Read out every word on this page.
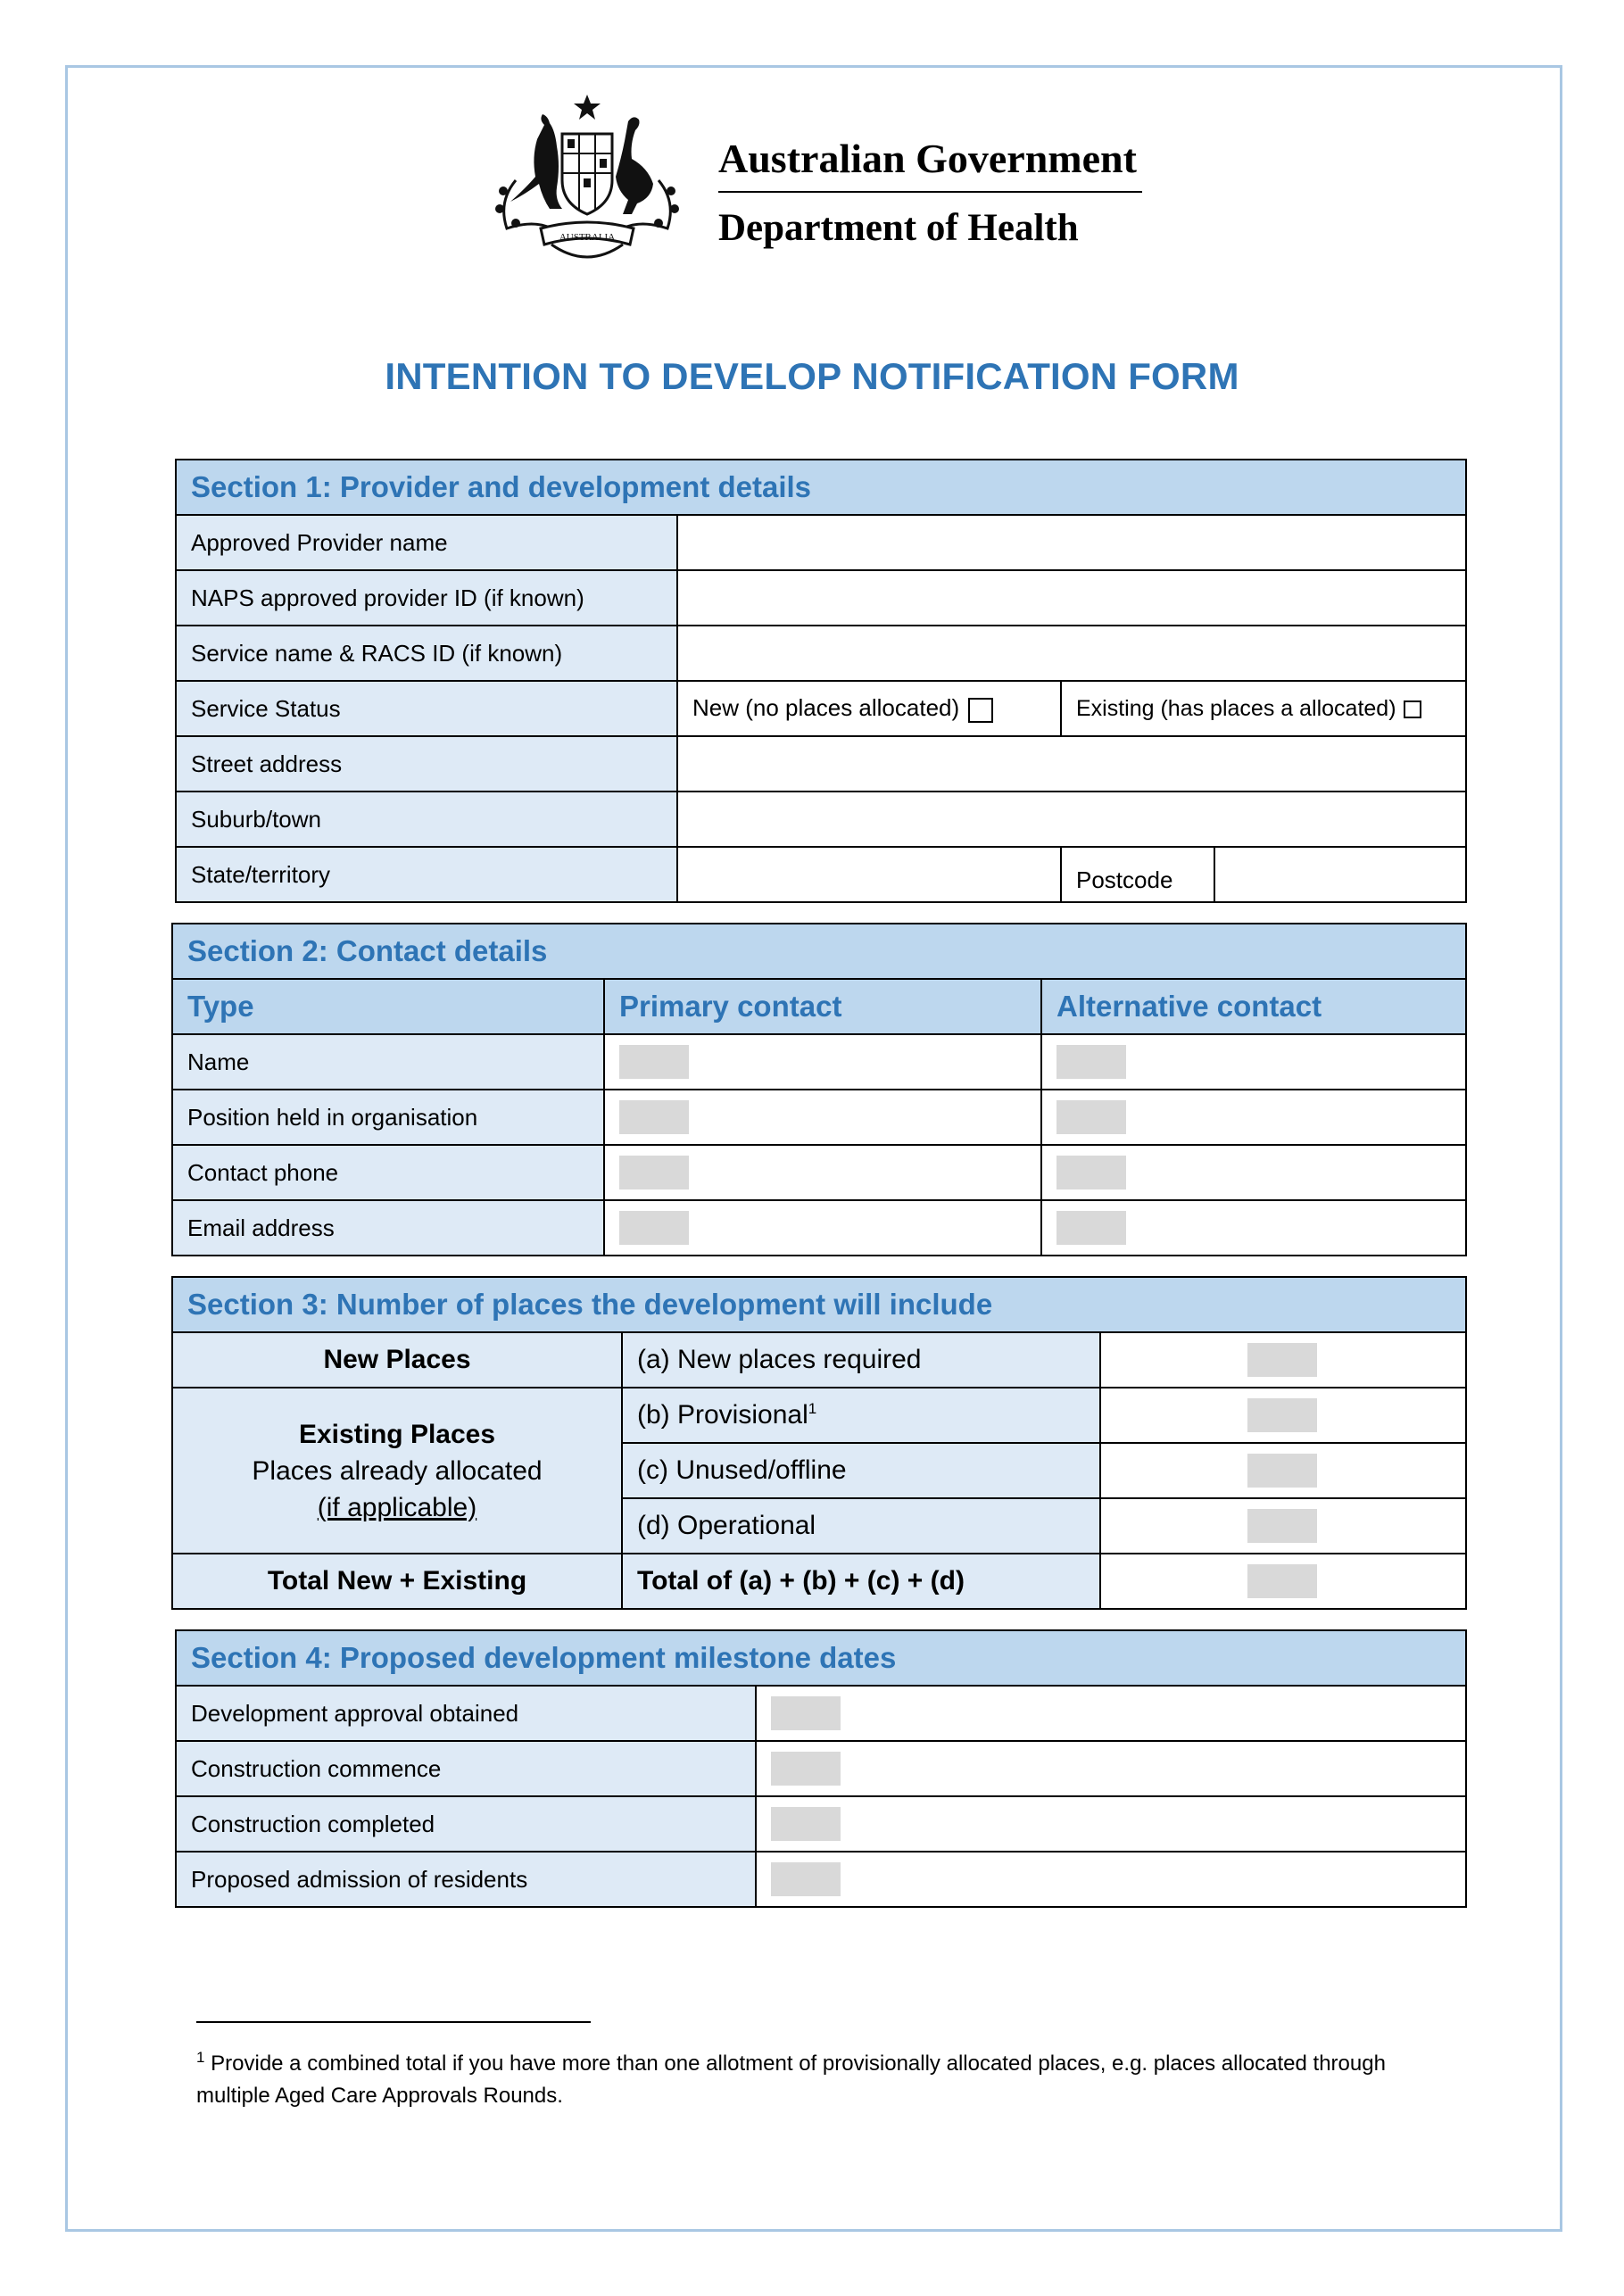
AUSTRALIA
Australian Government
Department of Health
INTENTION TO DEVELOP NOTIFICATION FORM
Section 1: Provider and development details			
Approved Provider name			
NAPS approved provider ID (if known)			
Service name & RACS ID (if known)			
Service Status	New (no places allocated)	Existing (has places a allocated)	
Street address			
Suburb/town			
State/territory		Postcode	
Section 2: Contact details		
Type	Primary contact	Alternative contact
Name		
Position held in organisation		
Contact phone		
Email address		
Section 3: Number of places the development will include		
New Places	(a) New places required	

Existing Places
Places already allocated
(if applicable)	(b) Provisional$^1$	
	(c) Unused/offline	
	(d) Operational	
Total New + Existing	Total of (a) + (b) + (c) + (d)	
Section 4: Proposed development milestone dates	
Development approval obtained	
Construction commence	
Construction completed	
Proposed admission of residents	
$^1$ Provide a combined total if you have more than one allotment of provisionally allocated places, e.g. places allocated through multiple Aged Care Approvals Rounds.
